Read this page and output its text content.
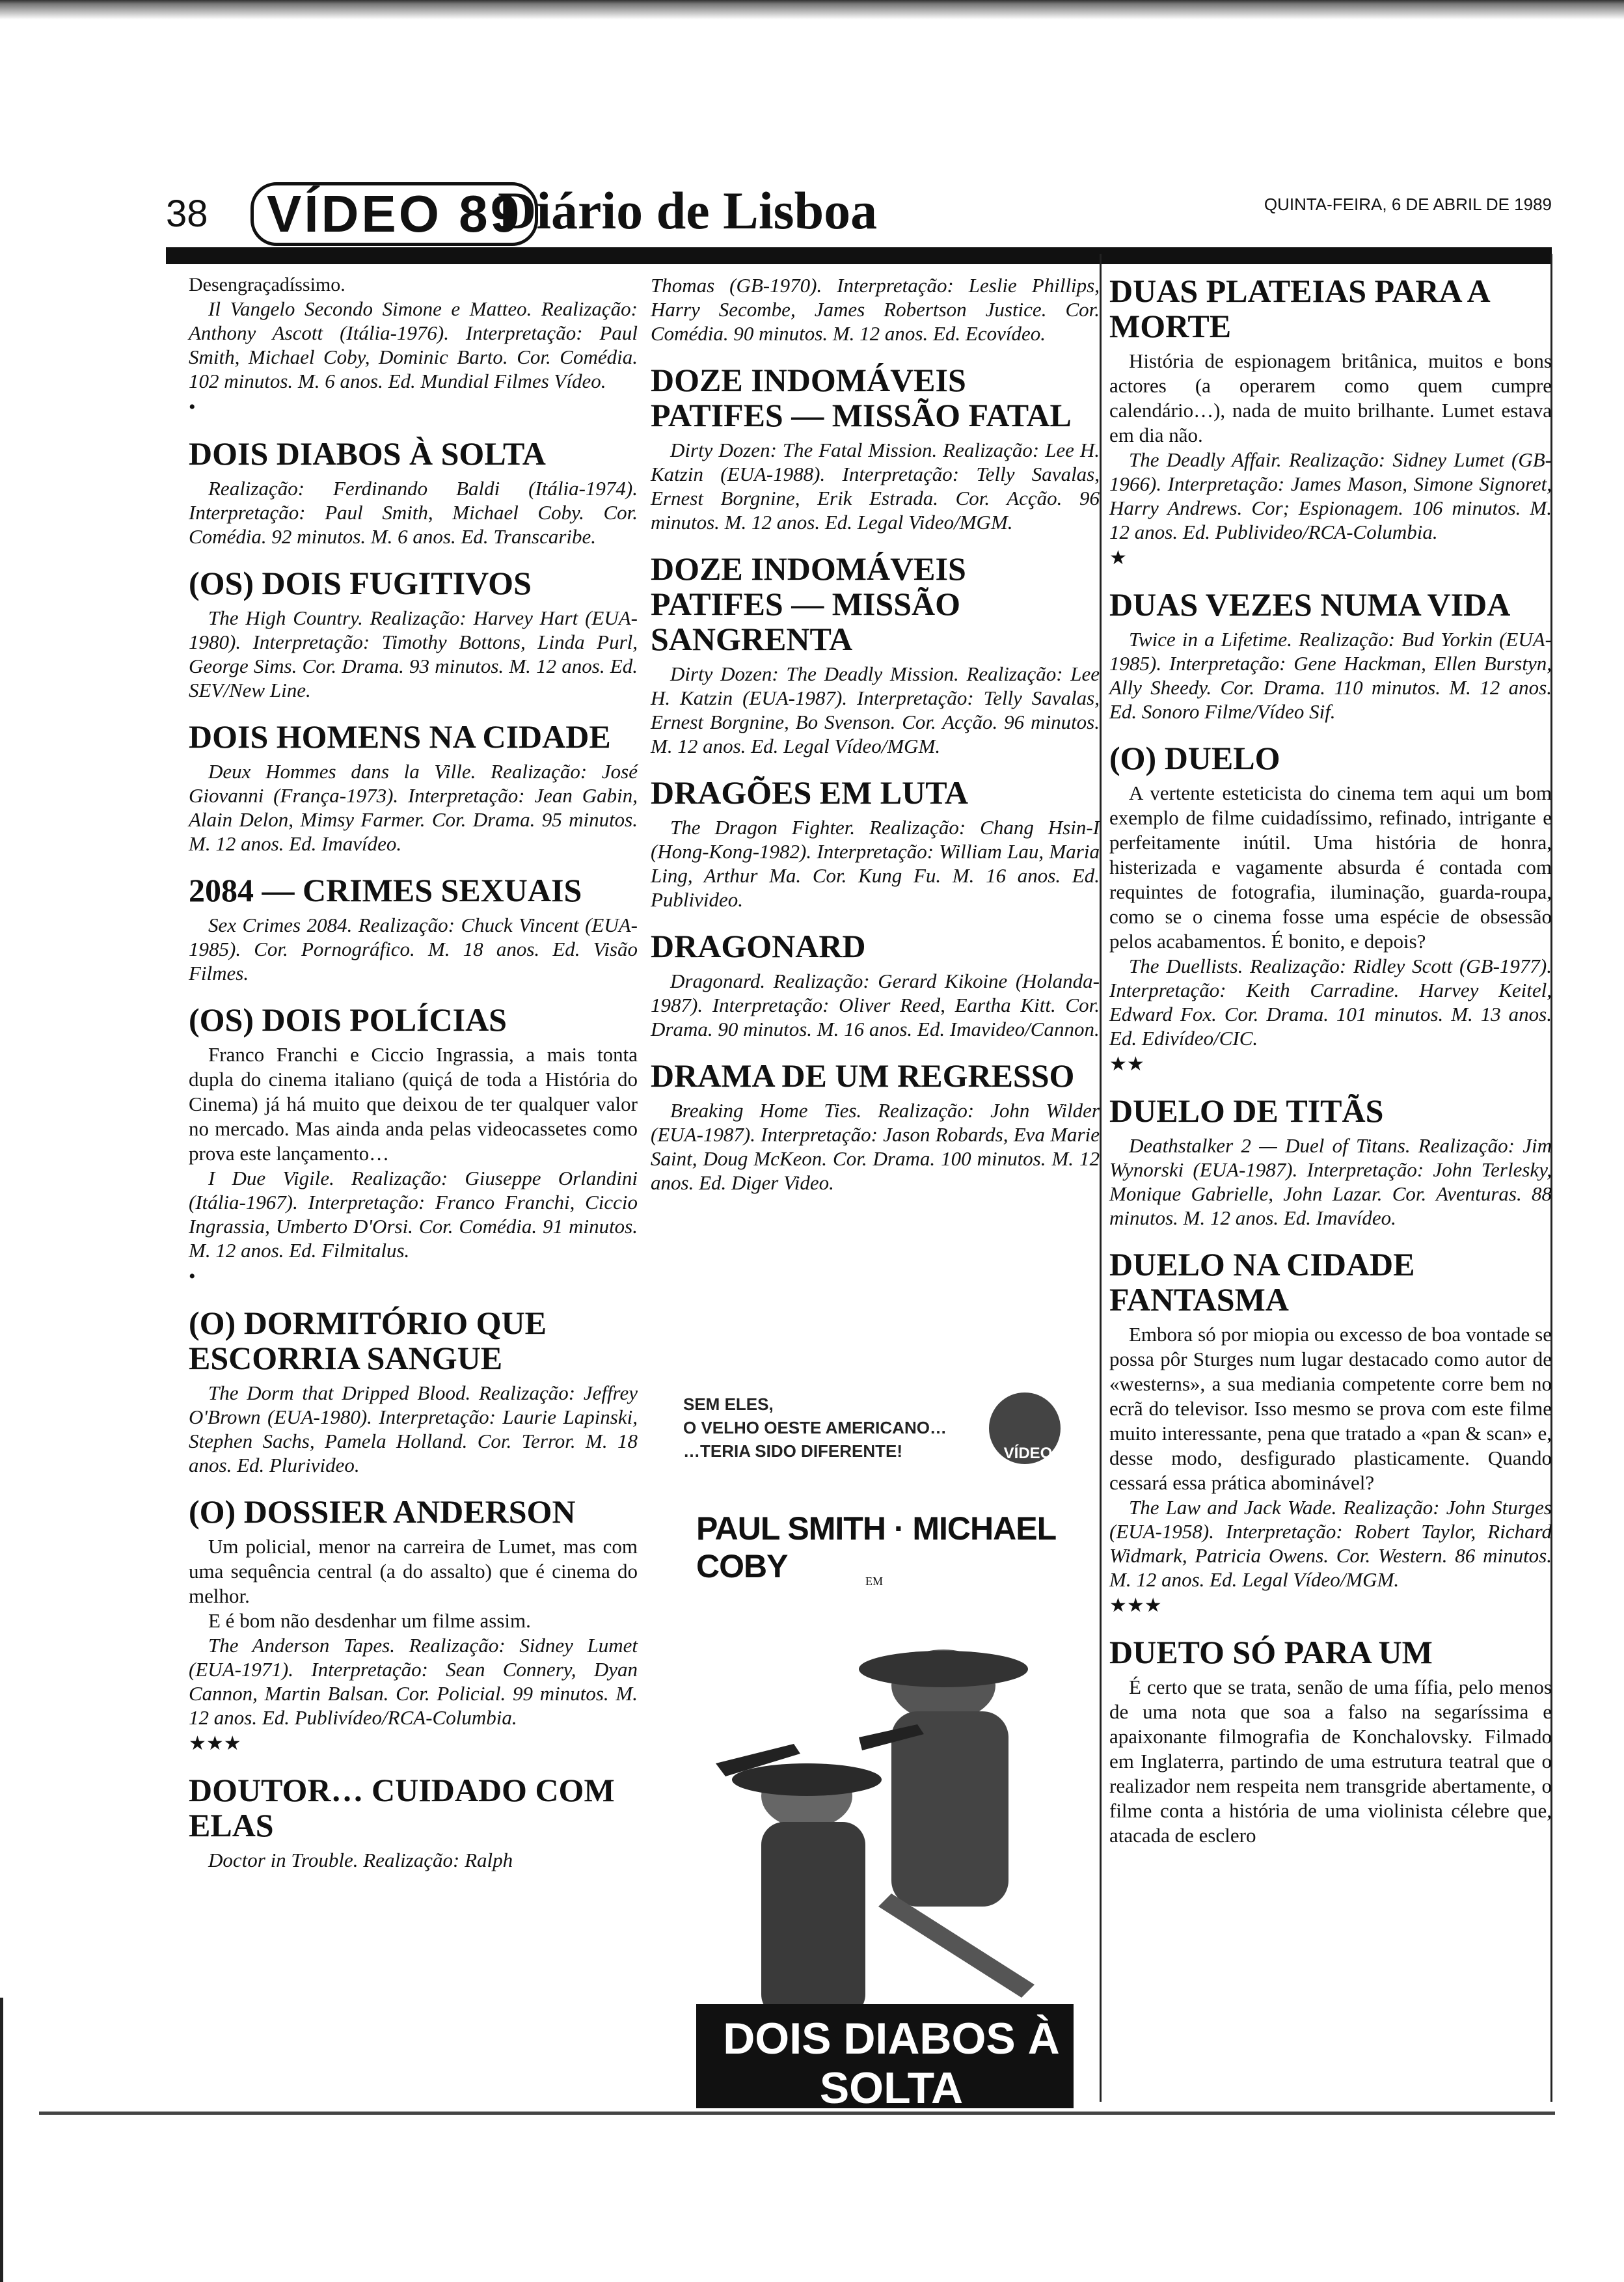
38	VÍDEO 89
Diário de Lisboa	QUINTA-FEIRA, 6 DE ABRIL DE 1989

Desengraçadíssimo.

Il Vangelo Secondo Simone e Matteo. Realização: Anthony Ascott (Itália-1976). Interpretação: Paul Smith, Michael Coby, Dominic Barto. Cor. Comédia. 102 minutos. M. 6 anos. Ed. Mundial Filmes Vídeo.

•

DOIS DIABOS À SOLTA

Realização: Ferdinando Baldi (Itália-1974). Interpretação: Paul Smith, Michael Coby. Cor. Comédia. 92 minutos. M. 6 anos. Ed. Transcaribe.

(OS) DOIS FUGITIVOS

The High Country. Realização: Harvey Hart (EUA-1980). Interpretação: Timothy Bottons, Linda Purl, George Sims. Cor. Drama. 93 minutos. M. 12 anos. Ed. SEV/New Line.

DOIS HOMENS NA CIDADE

Deux Hommes dans la Ville. Realização: José Giovanni (França-1973). Interpretação: Jean Gabin, Alain Delon, Mimsy Farmer. Cor. Drama. 95 minutos. M. 12 anos. Ed. Imavídeo.

2084 — CRIMES SEXUAIS

Sex Crimes 2084. Realização: Chuck Vincent (EUA-1985). Cor. Pornográfico. M. 18 anos. Ed. Visão Filmes.

(OS) DOIS POLÍCIAS

Franco Franchi e Ciccio Ingrassia, a mais tonta dupla do cinema italiano (quiçá de toda a História do Cinema) já há muito que deixou de ter qualquer valor no mercado. Mas ainda anda pelas videocassetes como prova este lançamento…

I Due Vigile. Realização: Giuseppe Orlandini (Itália-1967). Interpretação: Franco Franchi, Ciccio Ingrassia, Umberto D'Orsi. Cor. Comédia. 91 minutos. M. 12 anos. Ed. Filmitalus.

•

(O) DORMITÓRIO QUE ESCORRIA SANGUE

The Dorm that Dripped Blood. Realização: Jeffrey O'Brown (EUA-1980). Interpretação: Laurie Lapinski, Stephen Sachs, Pamela Holland. Cor. Terror. M. 18 anos. Ed. Plurivideo.

(O) DOSSIER ANDERSON

Um policial, menor na carreira de Lumet, mas com uma sequência central (a do assalto) que é cinema do melhor.

E é bom não desdenhar um filme assim.

The Anderson Tapes. Realização: Sidney Lumet (EUA-1971). Interpretação: Sean Connery, Dyan Cannon, Martin Balsan. Cor. Policial. 99 minutos. M. 12 anos. Ed. Publivídeo/RCA-Columbia.

★★★

DOUTOR… CUIDADO COM ELAS

Doctor in Trouble. Realização: Ralph

Thomas (GB-1970). Interpretação: Leslie Phillips, Harry Secombe, James Robertson Justice. Cor. Comédia. 90 minutos. M. 12 anos. Ed. Ecovídeo.

DOZE INDOMÁVEIS PATIFES — MISSÃO FATAL

Dirty Dozen: The Fatal Mission. Realização: Lee H. Katzin (EUA-1988). Interpretação: Telly Savalas, Ernest Borgnine, Erik Estrada. Cor. Acção. 96 minutos. M. 12 anos. Ed. Legal Video/MGM.

DOZE INDOMÁVEIS PATIFES — MISSÃO SANGRENTA

Dirty Dozen: The Deadly Mission. Realização: Lee H. Katzin (EUA-1987). Interpretação: Telly Savalas, Ernest Borgnine, Bo Svenson. Cor. Acção. 96 minutos. M. 12 anos. Ed. Legal Vídeo/MGM.

DRAGÕES EM LUTA

The Dragon Fighter. Realização: Chang Hsin-I (Hong-Kong-1982). Interpretação: William Lau, Maria Ling, Arthur Ma. Cor. Kung Fu. M. 16 anos. Ed. Publivideo.

DRAGONARD

Dragonard. Realização: Gerard Kikoine (Holanda-1987). Interpretação: Oliver Reed, Eartha Kitt. Cor. Drama. 90 minutos. M. 16 anos. Ed. Imavideo/Cannon.

DRAMA DE UM REGRESSO

Breaking Home Ties. Realização: John Wilder (EUA-1987). Interpretação: Jason Robards, Eva Marie Saint, Doug McKeon. Cor. Drama. 100 minutos. M. 12 anos. Ed. Diger Video.

SEM ELES,
O VELHO OESTE AMERICANO…
…TERIA SIDO DIFERENTE!	VÍDEO
PAUL SMITH · MICHAEL COBY	EM
DOIS DIABOS À SOLTA
DUAS PLATEIAS PARA A MORTE

História de espionagem britânica, muitos e bons actores (a operarem como quem cumpre calendário…), nada de muito brilhante. Lumet estava em dia não.

The Deadly Affair. Realização: Sidney Lumet (GB-1966). Interpretação: James Mason, Simone Signoret, Harry Andrews. Cor; Espionagem. 106 minutos. M. 12 anos. Ed. Publivideo/RCA-Columbia.

★

DUAS VEZES NUMA VIDA

Twice in a Lifetime. Realização: Bud Yorkin (EUA-1985). Interpretação: Gene Hackman, Ellen Burstyn, Ally Sheedy. Cor. Drama. 110 minutos. M. 12 anos. Ed. Sonoro Filme/Vídeo Sif.

(O) DUELO

A vertente esteticista do cinema tem aqui um bom exemplo de filme cuidadíssimo, refinado, intrigante e perfeitamente inútil. Uma história de honra, histerizada e vagamente absurda é contada com requintes de fotografia, iluminação, guarda-roupa, como se o cinema fosse uma espécie de obsessão pelos acabamentos. É bonito, e depois?

The Duellists. Realização: Ridley Scott (GB-1977). Interpretação: Keith Carradine. Harvey Keitel, Edward Fox. Cor. Drama. 101 minutos. M. 13 anos. Ed. Edivídeo/CIC.

★★

DUELO DE TITÃS

Deathstalker 2 — Duel of Titans. Realização: Jim Wynorski (EUA-1987). Interpretação: John Terlesky, Monique Gabrielle, John Lazar. Cor. Aventuras. 88 minutos. M. 12 anos. Ed. Imavídeo.

DUELO NA CIDADE FANTASMA

Embora só por miopia ou excesso de boa vontade se possa pôr Sturges num lugar destacado como autor de «westerns», a sua mediania competente corre bem no ecrã do televisor. Isso mesmo se prova com este filme muito interessante, pena que tratado a «pan & scan» e, desse modo, desfigurado plasticamente. Quando cessará essa prática abominável?

The Law and Jack Wade. Realização: John Sturges (EUA-1958). Interpretação: Robert Taylor, Richard Widmark, Patricia Owens. Cor. Western. 86 minutos. M. 12 anos. Ed. Legal Vídeo/MGM.

★★★

DUETO SÓ PARA UM

É certo que se trata, senão de uma fífia, pelo menos de uma nota que soa a falso na segaríssima e apaixonante filmografia de Konchalovsky. Filmado em Inglaterra, partindo de uma estrutura teatral que o realizador nem respeita nem transgride abertamente, o filme conta a história de uma violinista célebre que, atacada de esclero
